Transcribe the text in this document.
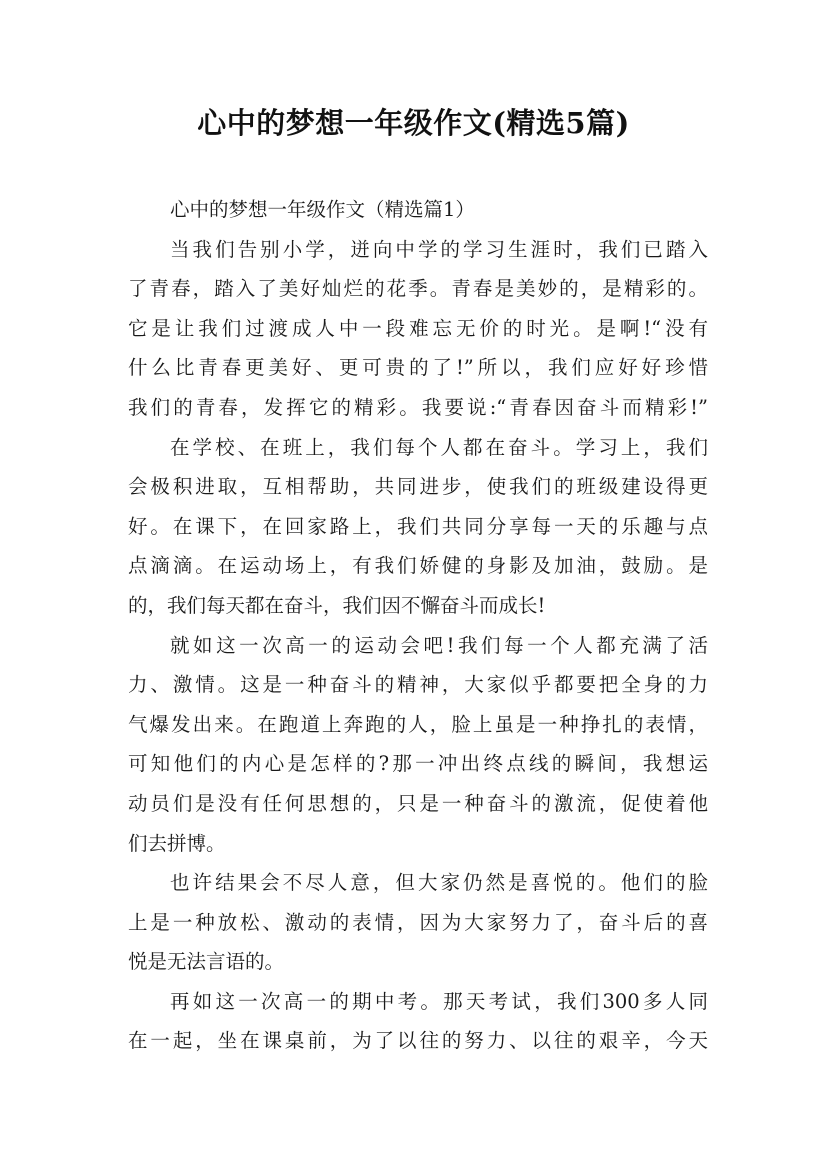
心中的梦想一年级作文(精选5篇)
心中的梦想一年级作文（精选篇1）
当我们告别小学，迸向中学的学习生涯时，我们已踏入
了青春，踏入了美好灿烂的花季。青春是美妙的，是精彩的。
它是让我们过渡成人中一段难忘无价的时光。是啊!“没有
什么比青春更美好、更可贵的了!”所以，我们应好好珍惜
我们的青春，发挥它的精彩。我要说:“青春因奋斗而精彩!”
在学校、在班上，我们每个人都在奋斗。学习上，我们
会极积进取，互相帮助，共同进步，使我们的班级建设得更
好。在课下，在回家路上，我们共同分享每一天的乐趣与点
点滴滴。在运动场上，有我们娇健的身影及加油，鼓励。是
的，我们每天都在奋斗，我们因不懈奋斗而成长!
就如这一次高一的运动会吧!我们每一个人都充满了活
力、激情。这是一种奋斗的精神，大家似乎都要把全身的力
气爆发出来。在跑道上奔跑的人，脸上虽是一种挣扎的表情，
可知他们的内心是怎样的?那一冲出终点线的瞬间，我想运
动员们是没有任何思想的，只是一种奋斗的激流，促使着他
们去拼博。
也许结果会不尽人意，但大家仍然是喜悦的。他们的脸
上是一种放松、激动的表情，因为大家努力了，奋斗后的喜
悦是无法言语的。
再如这一次高一的期中考。那天考试，我们300多人同
在一起，坐在课桌前，为了以往的努力、以往的艰辛，今天
